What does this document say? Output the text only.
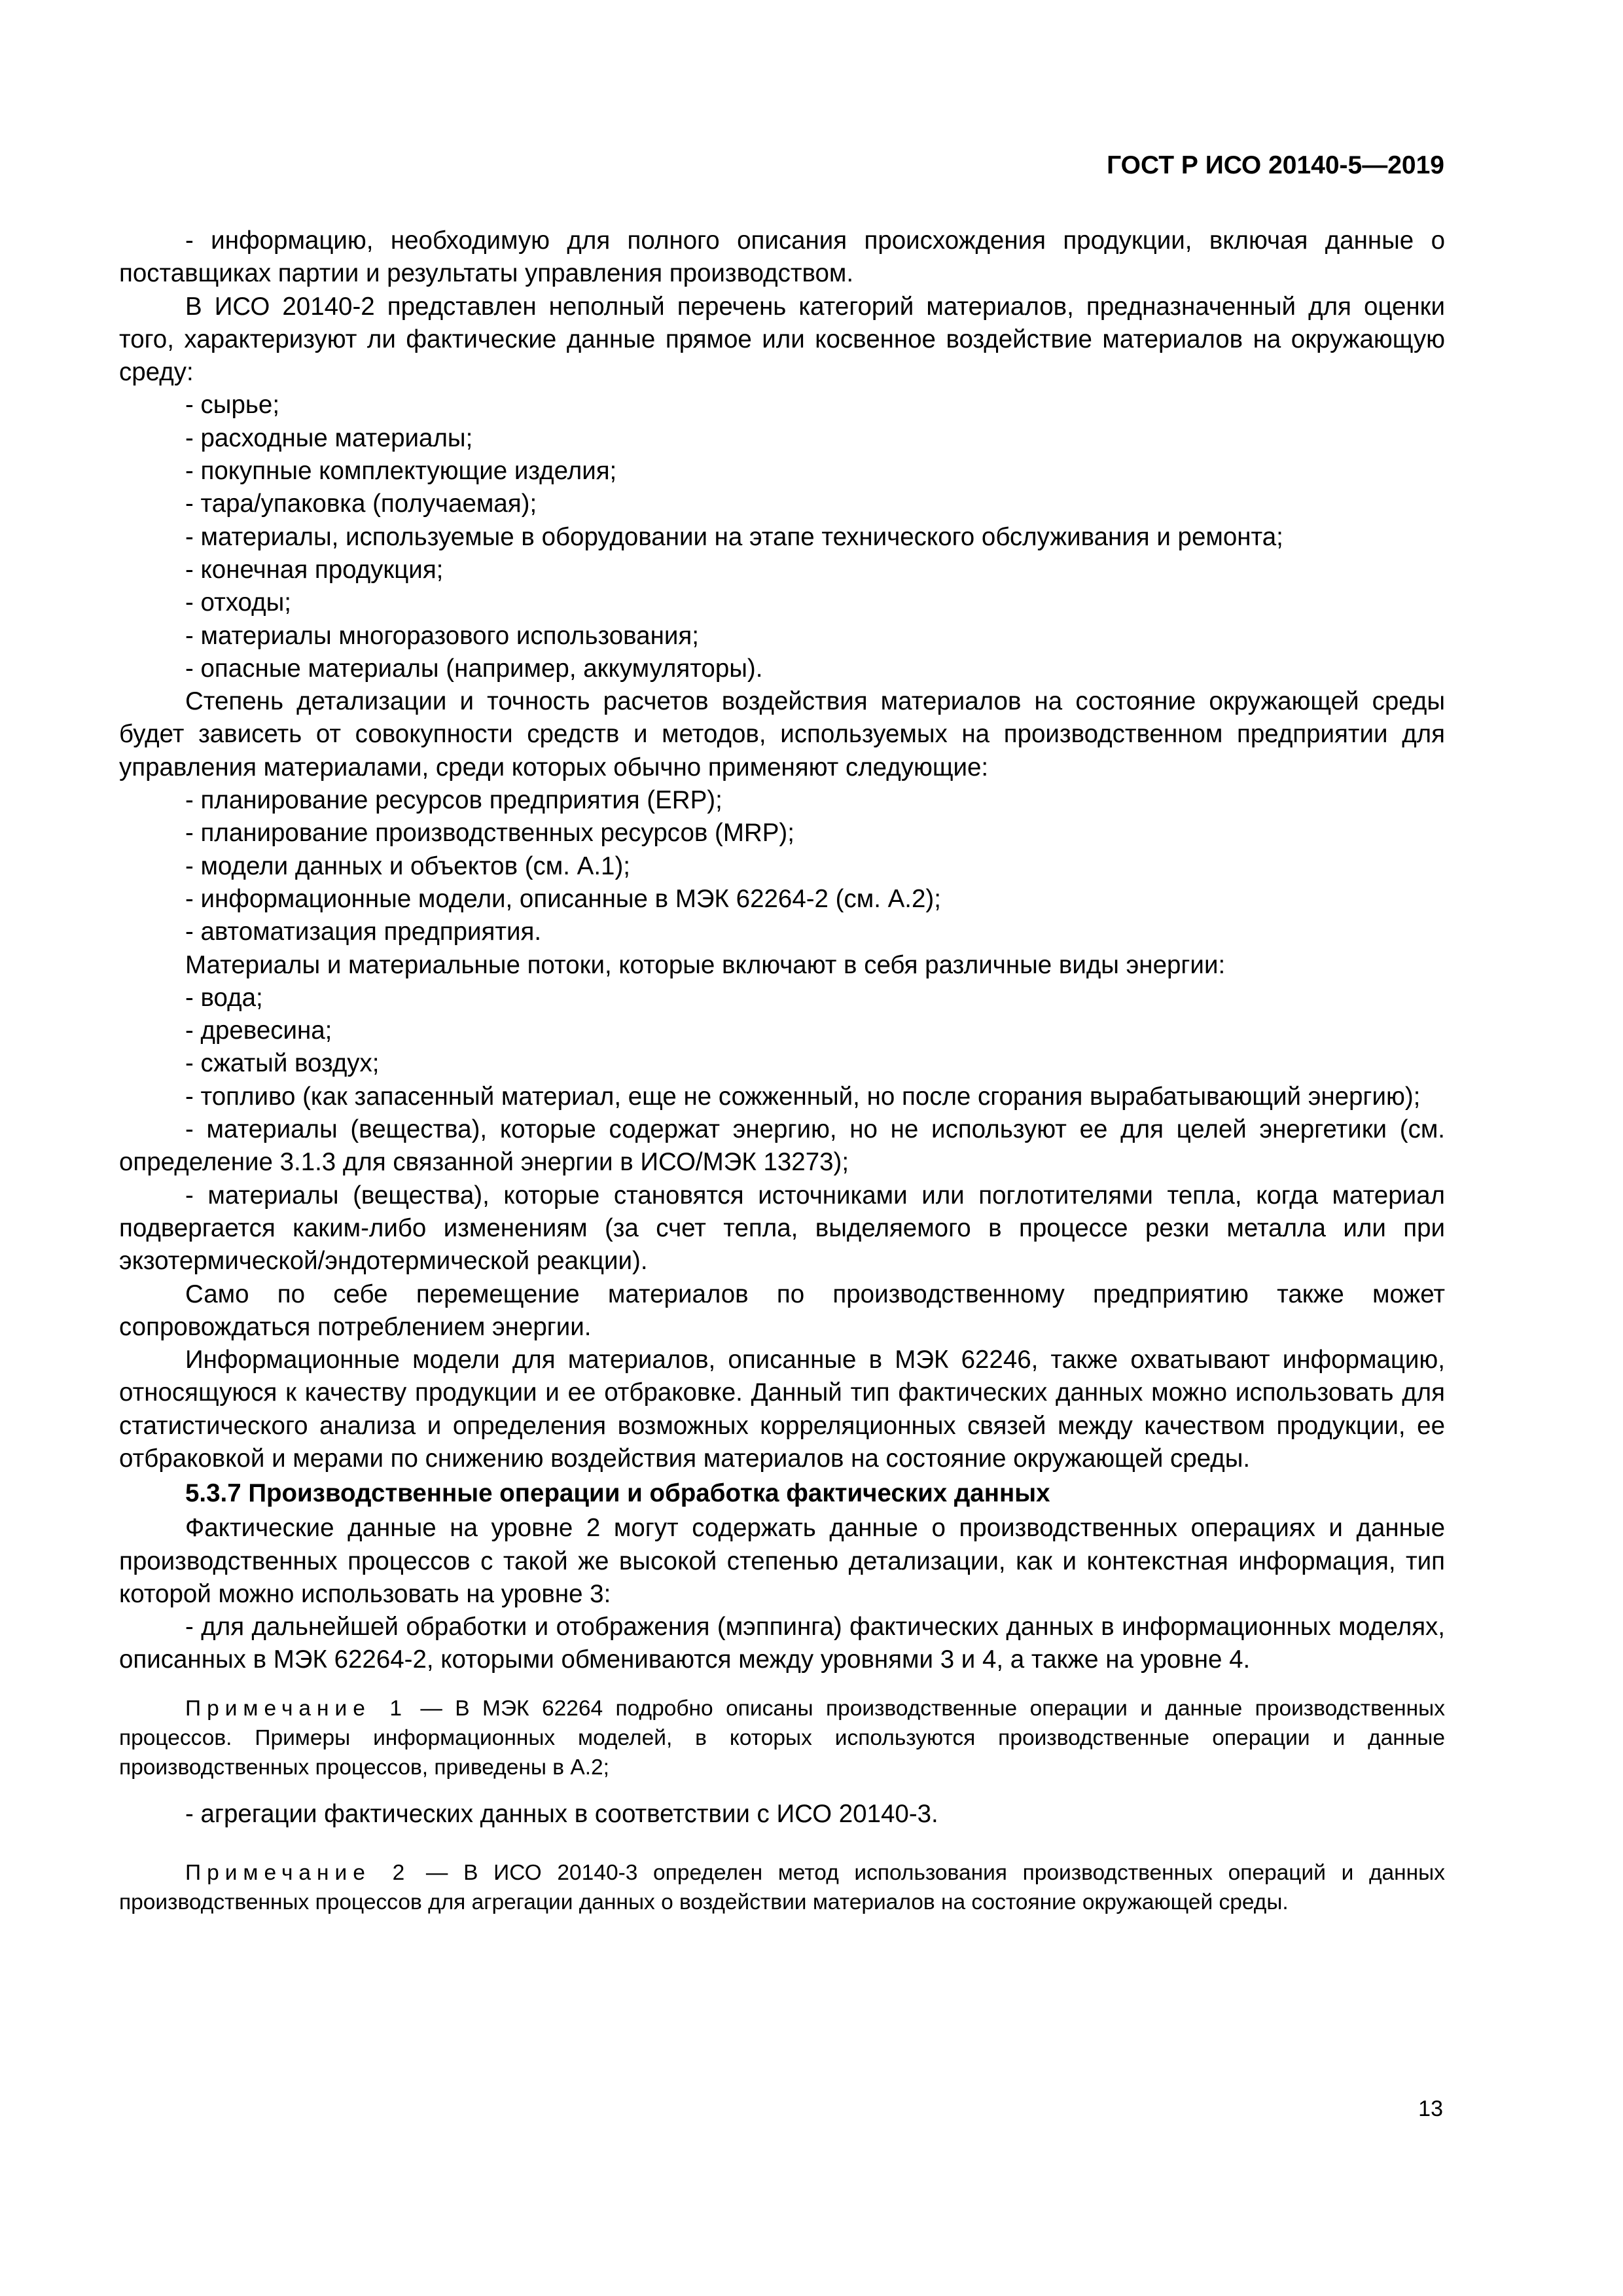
ГОСТ Р ИСО 20140-5—2019

- информацию, необходимую для полного описания происхождения продукции, включая данные о поставщиках партии и результаты управления производством.

В ИСО 20140-2 представлен неполный перечень категорий материалов, предназначенный для оценки того, характеризуют ли фактические данные прямое или косвенное воздействие материалов на окружающую среду:

- сырье;

- расходные материалы;

- покупные комплектующие изделия;

- тара/упаковка (получаемая);

- материалы, используемые в оборудовании на этапе технического обслуживания и ремонта;

- конечная продукция;

- отходы;

- материалы многоразового использования;

- опасные материалы (например, аккумуляторы).

Степень детализации и точность расчетов воздействия материалов на состояние окружающей среды будет зависеть от совокупности средств и методов, используемых на производственном предприятии для управления материалами, среди которых обычно применяют следующие:

- планирование ресурсов предприятия (ERP);

- планирование производственных ресурсов (MRP);

- модели данных и объектов (см. А.1);

- информационные модели, описанные в МЭК 62264-2 (см. А.2);

- автоматизация предприятия.

Материалы и материальные потоки, которые включают в себя различные виды энергии:

- вода;

- древесина;

- сжатый воздух;

- топливо (как запасенный материал, еще не сожженный, но после сгорания вырабатывающий энергию);

- материалы (вещества), которые содержат энергию, но не используют ее для целей энергетики (см. определение 3.1.3 для связанной энергии в ИСО/МЭК 13273);

- материалы (вещества), которые становятся источниками или поглотителями тепла, когда материал подвергается каким-либо изменениям (за счет тепла, выделяемого в процессе резки металла или при экзотермической/эндотермической реакции).

Само по себе перемещение материалов по производственному предприятию также может сопровождаться потреблением энергии.

Информационные модели для материалов, описанные в МЭК 62246, также охватывают информацию, относящуюся к качеству продукции и ее отбраковке. Данный тип фактических данных можно использовать для статистического анализа и определения возможных корреляционных связей между качеством продукции, ее отбраковкой и мерами по снижению воздействия материалов на состояние окружающей среды.

5.3.7 Производственные операции и обработка фактических данных

Фактические данные на уровне 2 могут содержать данные о производственных операциях и данные производственных процессов с такой же высокой степенью детализации, как и контекстная информация, тип которой можно использовать на уровне 3:

- для дальнейшей обработки и отображения (мэппинга) фактических данных в информационных моделях, описанных в МЭК 62264-2, которыми обмениваются между уровнями 3 и 4, а также на уровне 4.

Примечание 1 — В МЭК 62264 подробно описаны производственные операции и данные производственных процессов. Примеры информационных моделей, в которых используются производственные операции и данные производственных процессов, приведены в А.2;

- агрегации фактических данных в соответствии с ИСО 20140-3.

Примечание 2 — В ИСО 20140-3 определен метод использования производственных операций и данных производственных процессов для агрегации данных о воздействии материалов на состояние окружающей среды.

13
